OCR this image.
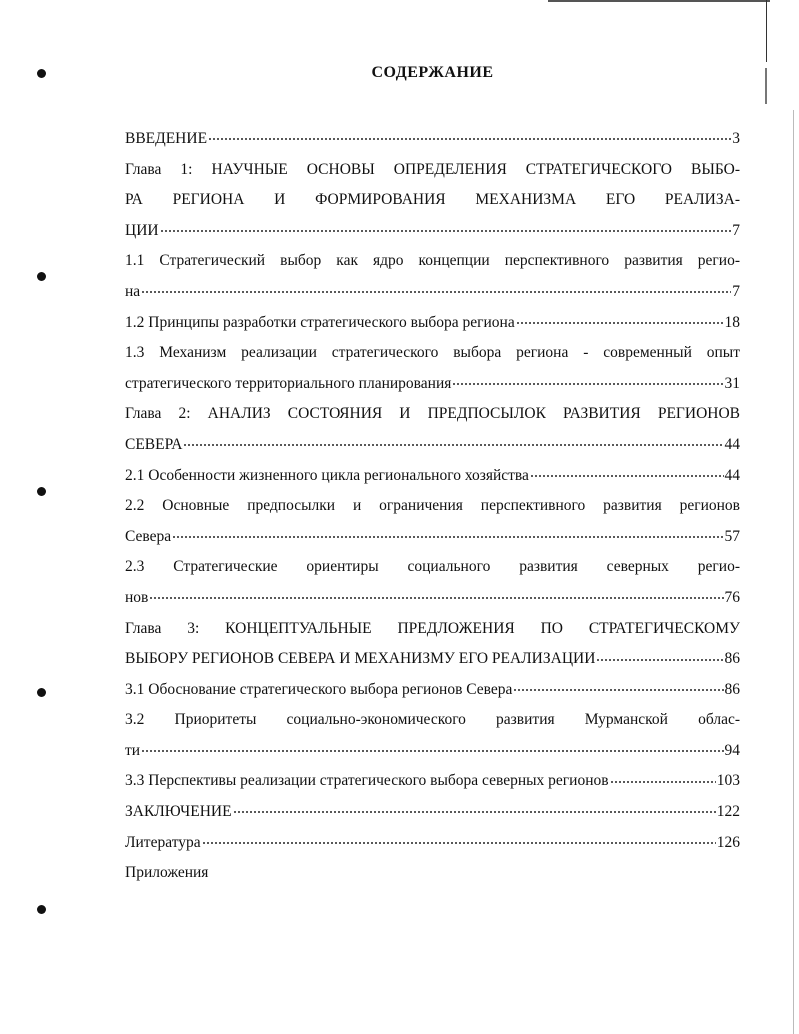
СОДЕРЖАНИЕ
ВВЕДЕНИЕ	3
Глава 1: НАУЧНЫЕ ОСНОВЫ ОПРЕДЕЛЕНИЯ СТРАТЕГИЧЕСКОГО ВЫБО-
РА РЕГИОНА И ФОРМИРОВАНИЯ МЕХАНИЗМА ЕГО РЕАЛИЗА-
ЦИИ	7
1.1 Стратегический выбор как ядро концепции перспективного развития регио-
на	7
1.2 Принципы разработки стратегического выбора региона	18
1.3 Механизм реализации стратегического выбора региона - современный опыт
стратегического территориального планирования	31
Глава 2: АНАЛИЗ СОСТОЯНИЯ И ПРЕДПОСЫЛОК РАЗВИТИЯ РЕГИОНОВ
СЕВЕРА	44
2.1 Особенности жизненного цикла регионального хозяйства	44
2.2 Основные предпосылки и ограничения перспективного развития регионов
Севера	57
2.3 Стратегические ориентиры социального развития северных регио-
нов	76
Глава 3: КОНЦЕПТУАЛЬНЫЕ ПРЕДЛОЖЕНИЯ ПО СТРАТЕГИЧЕСКОМУ
ВЫБОРУ РЕГИОНОВ СЕВЕРА И МЕХАНИЗМУ ЕГО РЕАЛИЗАЦИИ	86
3.1 Обоснование стратегического выбора регионов Севера	86
3.2 Приоритеты социально-экономического развития Мурманской облас-
ти	94
3.3 Перспективы реализации стратегического выбора северных регионов	103
ЗАКЛЮЧЕНИЕ	122
Литература	126
Приложения
